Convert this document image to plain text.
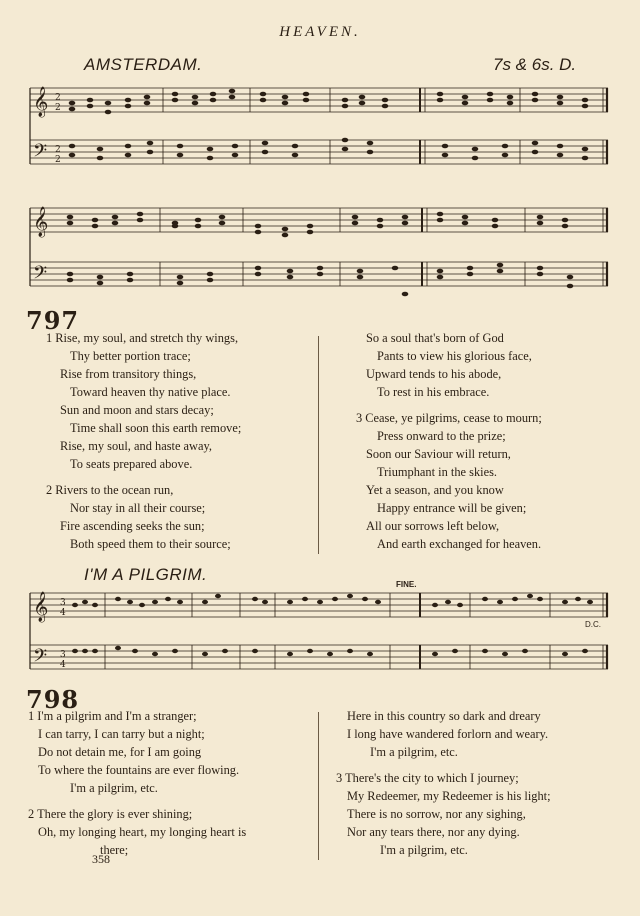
HEAVEN.
AMSTERDAM.	7s & 6s. D.
𝄞
𝄢
2
2
2
2
𝄞
𝄢
797
1 Rise, my soul, and stretch thy wings,
Thy better portion trace;
Rise from transitory things,
Toward heaven thy native place.
Sun and moon and stars decay;
Time shall soon this earth remove;
Rise, my soul, and haste away,
To seats prepared above.
2 Rivers to the ocean run,
Nor stay in all their course;
Fire ascending seeks the sun;
Both speed them to their source;
So a soul that's born of God
Pants to view his glorious face,
Upward tends to his abode,
To rest in his embrace.
3 Cease, ye pilgrims, cease to mourn;
Press onward to the prize;
Soon our Saviour will return,
Triumphant in the skies.
Yet a season, and you know
Happy entrance will be given;
All our sorrows left below,
And earth exchanged for heaven.
I'M A PILGRIM.
FINE.
D.C.
𝄞
𝄢
3
4
3
4
798
1 I'm a pilgrim and I'm a stranger;
I can tarry, I can tarry but a night;
Do not detain me, for I am going
To where the fountains are ever flowing.
I'm a pilgrim, etc.
2 There the glory is ever shining;
Oh, my longing heart, my longing heart is
there;
Here in this country so dark and dreary
I long have wandered forlorn and weary.
I'm a pilgrim, etc.
3 There's the city to which I journey;
My Redeemer, my Redeemer is his light;
There is no sorrow, nor any sighing,
Nor any tears there, nor any dying.
I'm a pilgrim, etc.
358
